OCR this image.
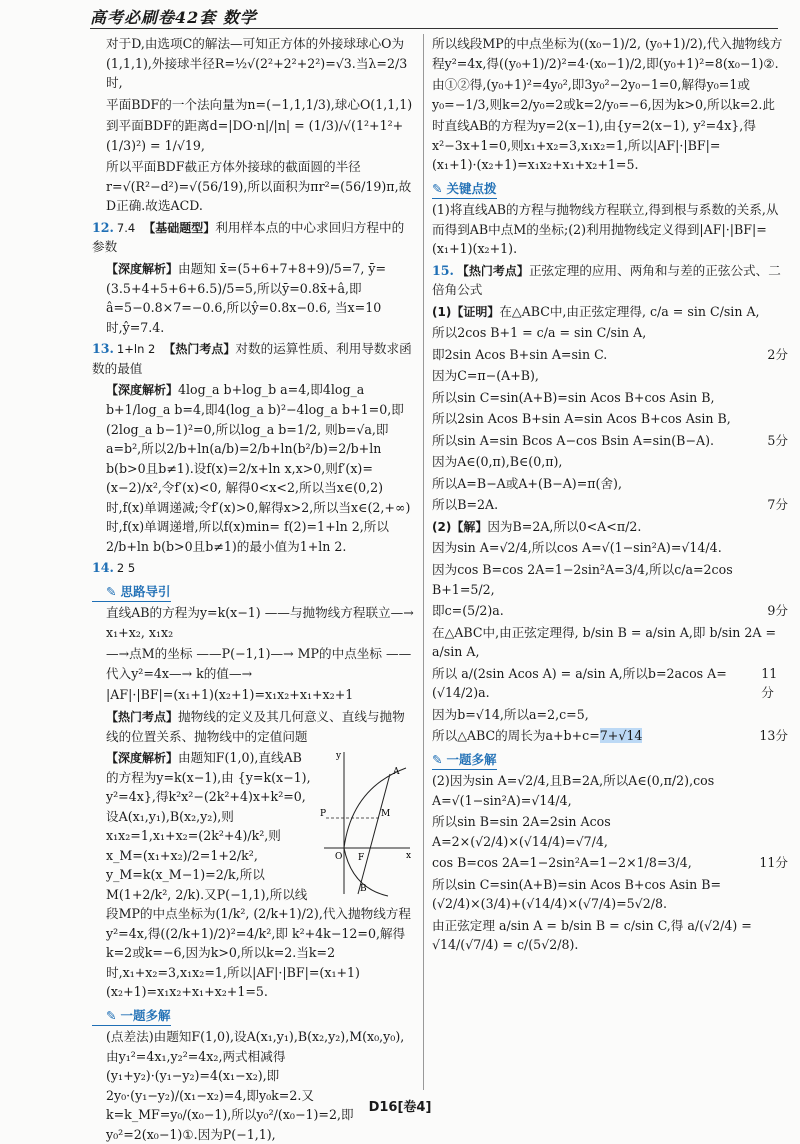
高考必刷卷42套 数学

对于D,由选项C的解法—可知正方体的外接球球心O为(1,1,1),外接球半径R=½√(2²+2²+2²)=√3.当λ=2/3时,

平面BDF的一个法向量为n=(−1,1,1/3),球心O(1,1,1)

到平面BDF的距离d=|DO·n|/|n| = (1/3)/√(1²+1²+(1/3)²) = 1/√19,

所以平面BDF截正方体外接球的截面圆的半径r=√(R²−d²)=√(56/19),所以面积为πr²=(56/19)π,故D正确.故选ACD.

12. 7.4 【基础题型】利用样本点的中心求回归方程中的参数

【深度解析】由题知 x̄=(5+6+7+8+9)/5=7, ȳ=(3.5+4+5+6+6.5)/5=5,所以ȳ=0.8x̄+â,即â=5−0.8×7=−0.6,所以ŷ=0.8x−0.6, 当x=10时,ŷ=7.4.

13. 1+ln 2 【热门考点】对数的运算性质、利用导数求函数的最值

【深度解析】4log_a b+log_b a=4,即4log_a b+1/log_a b=4,即4(log_a b)²−4log_a b+1=0,即(2log_a b−1)²=0,所以log_a b=1/2, 则b=√a,即a=b²,所以2/b+ln(a/b)=2/b+ln(b²/b)=2/b+ln b(b>0且b≠1).设f(x)=2/x+ln x,x>0,则f′(x)=(x−2)/x²,令f′(x)<0, 解得0<x<2,所以当x∈(0,2)时,f(x)单调递减;令f′(x)>0,解得x>2,所以当x∈(2,+∞)时,f(x)单调递增,所以f(x)min= f(2)=1+ln 2,所以2/b+ln b(b>0且b≠1)的最小值为1+ln 2.

14. 2 5

✎ 思路导引

直线AB的方程为y=k(x−1) ——与抛物线方程联立—→ x₁+x₂, x₁x₂

—→点M的坐标 ——P(−1,1)—→ MP的中点坐标 ——代入y²=4x—→ k的值—→

|AF|·|BF|=(x₁+1)(x₂+1)=x₁x₂+x₁+x₂+1

【热门考点】抛物线的定义及其几何意义、直线与抛物线的位置关系、抛物线中的定值问题

y
x
O
A
B
P	M
F
【深度解析】由题知F(1,0),直线AB的方程为y=k(x−1),由 {y=k(x−1), y²=4x},得k²x²−(2k²+4)x+k²=0,设A(x₁,y₁),B(x₂,y₂),则x₁x₂=1,x₁+x₂=(2k²+4)/k²,则x_M=(x₁+x₂)/2=1+2/k², y_M=k(x_M−1)=2/k,所以 M(1+2/k², 2/k).又P(−1,1),所以线段MP的中点坐标为(1/k², (2/k+1)/2),代入抛物线方程y²=4x,得((2/k+1)/2)²=4/k²,即 k²+4k−12=0,解得k=2或k=−6,因为k>0,所以k=2.当k=2时,x₁+x₂=3,x₁x₂=1,所以|AF|·|BF|=(x₁+1)(x₂+1)=x₁x₂+x₁+x₂+1=5.
✎ 一题多解

(点差法)由题知F(1,0),设A(x₁,y₁),B(x₂,y₂),M(x₀,y₀),由y₁²=4x₁,y₂²=4x₂,两式相减得(y₁+y₂)·(y₁−y₂)=4(x₁−x₂),即2y₀·(y₁−y₂)/(x₁−x₂)=4,即y₀k=2.又k=k_MF=y₀/(x₀−1),所以y₀²/(x₀−1)=2,即y₀²=2(x₀−1)①.因为P(−1,1),

所以线段MP的中点坐标为((x₀−1)/2, (y₀+1)/2),代入抛物线方程y²=4x,得((y₀+1)/2)²=4·(x₀−1)/2,即(y₀+1)²=8(x₀−1)②.

由①②得,(y₀+1)²=4y₀²,即3y₀²−2y₀−1=0,解得y₀=1或y₀=−1/3,则k=2/y₀=2或k=2/y₀=−6,因为k>0,所以k=2.此

时直线AB的方程为y=2(x−1),由{y=2(x−1), y²=4x},得x²−3x+1=0,则x₁+x₂=3,x₁x₂=1,所以|AF|·|BF|=(x₁+1)·(x₂+1)=x₁x₂+x₁+x₂+1=5.

✎ 关键点拨

(1)将直线AB的方程与抛物线方程联立,得到根与系数的关系,从而得到AB中点M的坐标;(2)利用抛物线定义得到|AF|·|BF|=(x₁+1)(x₂+1).

15. 【热门考点】正弦定理的应用、两角和与差的正弦公式、二倍角公式

(1)【证明】在△ABC中,由正弦定理得, c/a = sin C/sin A,

所以2cos B+1 = c/a = sin C/sin A,

即2sin Acos B+sin A=sin C.	2分

因为C=π−(A+B),

所以sin C=sin(A+B)=sin Acos B+cos Asin B,

所以2sin Acos B+sin A=sin Acos B+cos Asin B,

所以sin A=sin Bcos A−cos Bsin A=sin(B−A).	5分

因为A∈(0,π),B∈(0,π),

所以A=B−A或A+(B−A)=π(舍),

所以B=2A.	7分

(2)【解】因为B=2A,所以0<A<π/2.

因为sin A=√2/4,所以cos A=√(1−sin²A)=√14/4.

因为cos B=cos 2A=1−2sin²A=3/4,所以c/a=2cos B+1=5/2,

即c=(5/2)a.	9分

在△ABC中,由正弦定理得, b/sin B = a/sin A,即 b/sin 2A = a/sin A,

所以 a/(2sin Acos A) = a/sin A,所以b=2acos A=(√14/2)a.
11分

因为b=√14,所以a=2,c=5,

所以△ABC的周长为a+b+c=7+√14	13分

✎ 一题多解

(2)因为sin A=√2/4,且B=2A,所以A∈(0,π/2),cos A=√(1−sin²A)=√14/4,

所以sin B=sin 2A=2sin Acos A=2×(√2/4)×(√14/4)=√7/4,

cos B=cos 2A=1−2sin²A=1−2×1/8=3/4,	11分

所以sin C=sin(A+B)=sin Acos B+cos Asin B=(√2/4)×(3/4)+(√14/4)×(√7/4)=5√2/8.

由正弦定理 a/sin A = b/sin B = c/sin C,得 a/(√2/4) = √14/(√7/4) = c/(5√2/8).

D16[卷4]
